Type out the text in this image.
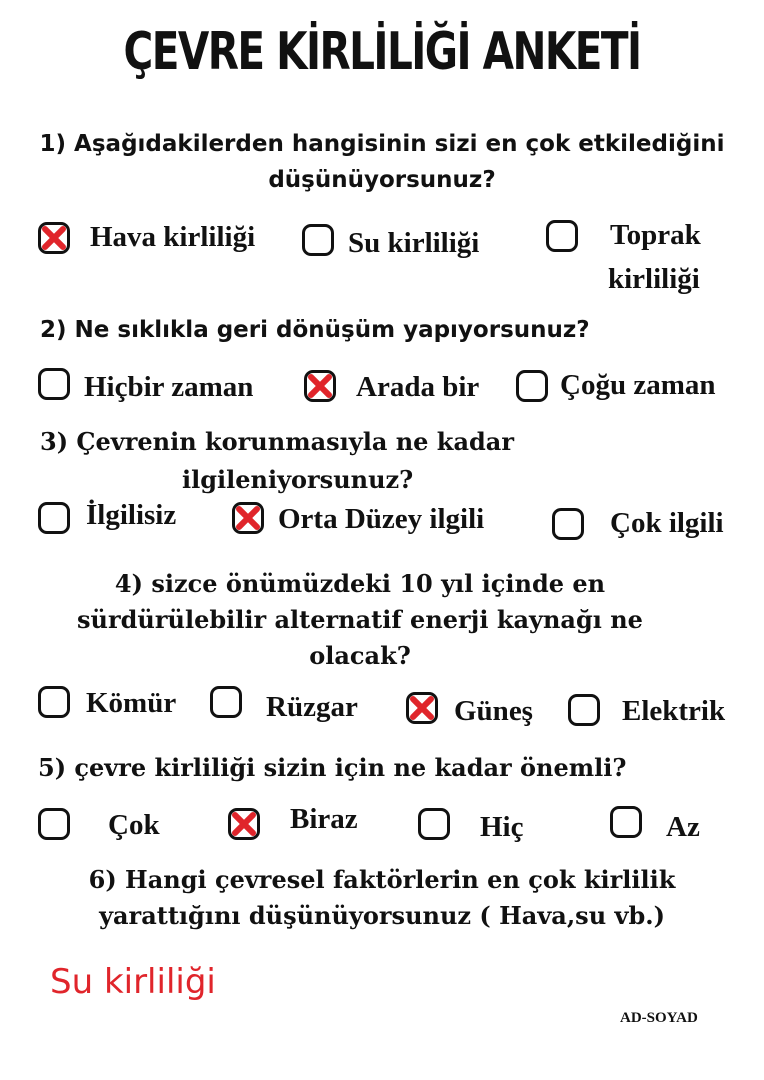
ÇEVRE KİRLİLİĞİ ANKETİ
1) Aşağıdakilerden hangisinin sizi en çok etkilediğini
düşünüyorsunuz?
Hava kirliliği	Su kirliliği	Toprak
kirliliği
2) Ne sıklıkla geri dönüşüm yapıyorsunuz?
Hiçbir zaman	Arada bir	Çoğu zaman
3) Çevrenin korunmasıyla ne kadar
ilgileniyorsunuz?
İlgilisiz	Orta Düzey ilgili	Çok ilgili
4) sizce önümüzdeki 10 yıl içinde en
sürdürülebilir alternatif enerji kaynağı ne
olacak?
Kömür	Rüzgar	Güneş	Elektrik
5) çevre kirliliği sizin için ne kadar önemli?
Çok	Biraz	Hiç	Az
6) Hangi çevresel faktörlerin en çok kirlilik
yarattığını düşünüyorsunuz ( Hava,su vb.)
Su kirliliği
AD-SOYAD
